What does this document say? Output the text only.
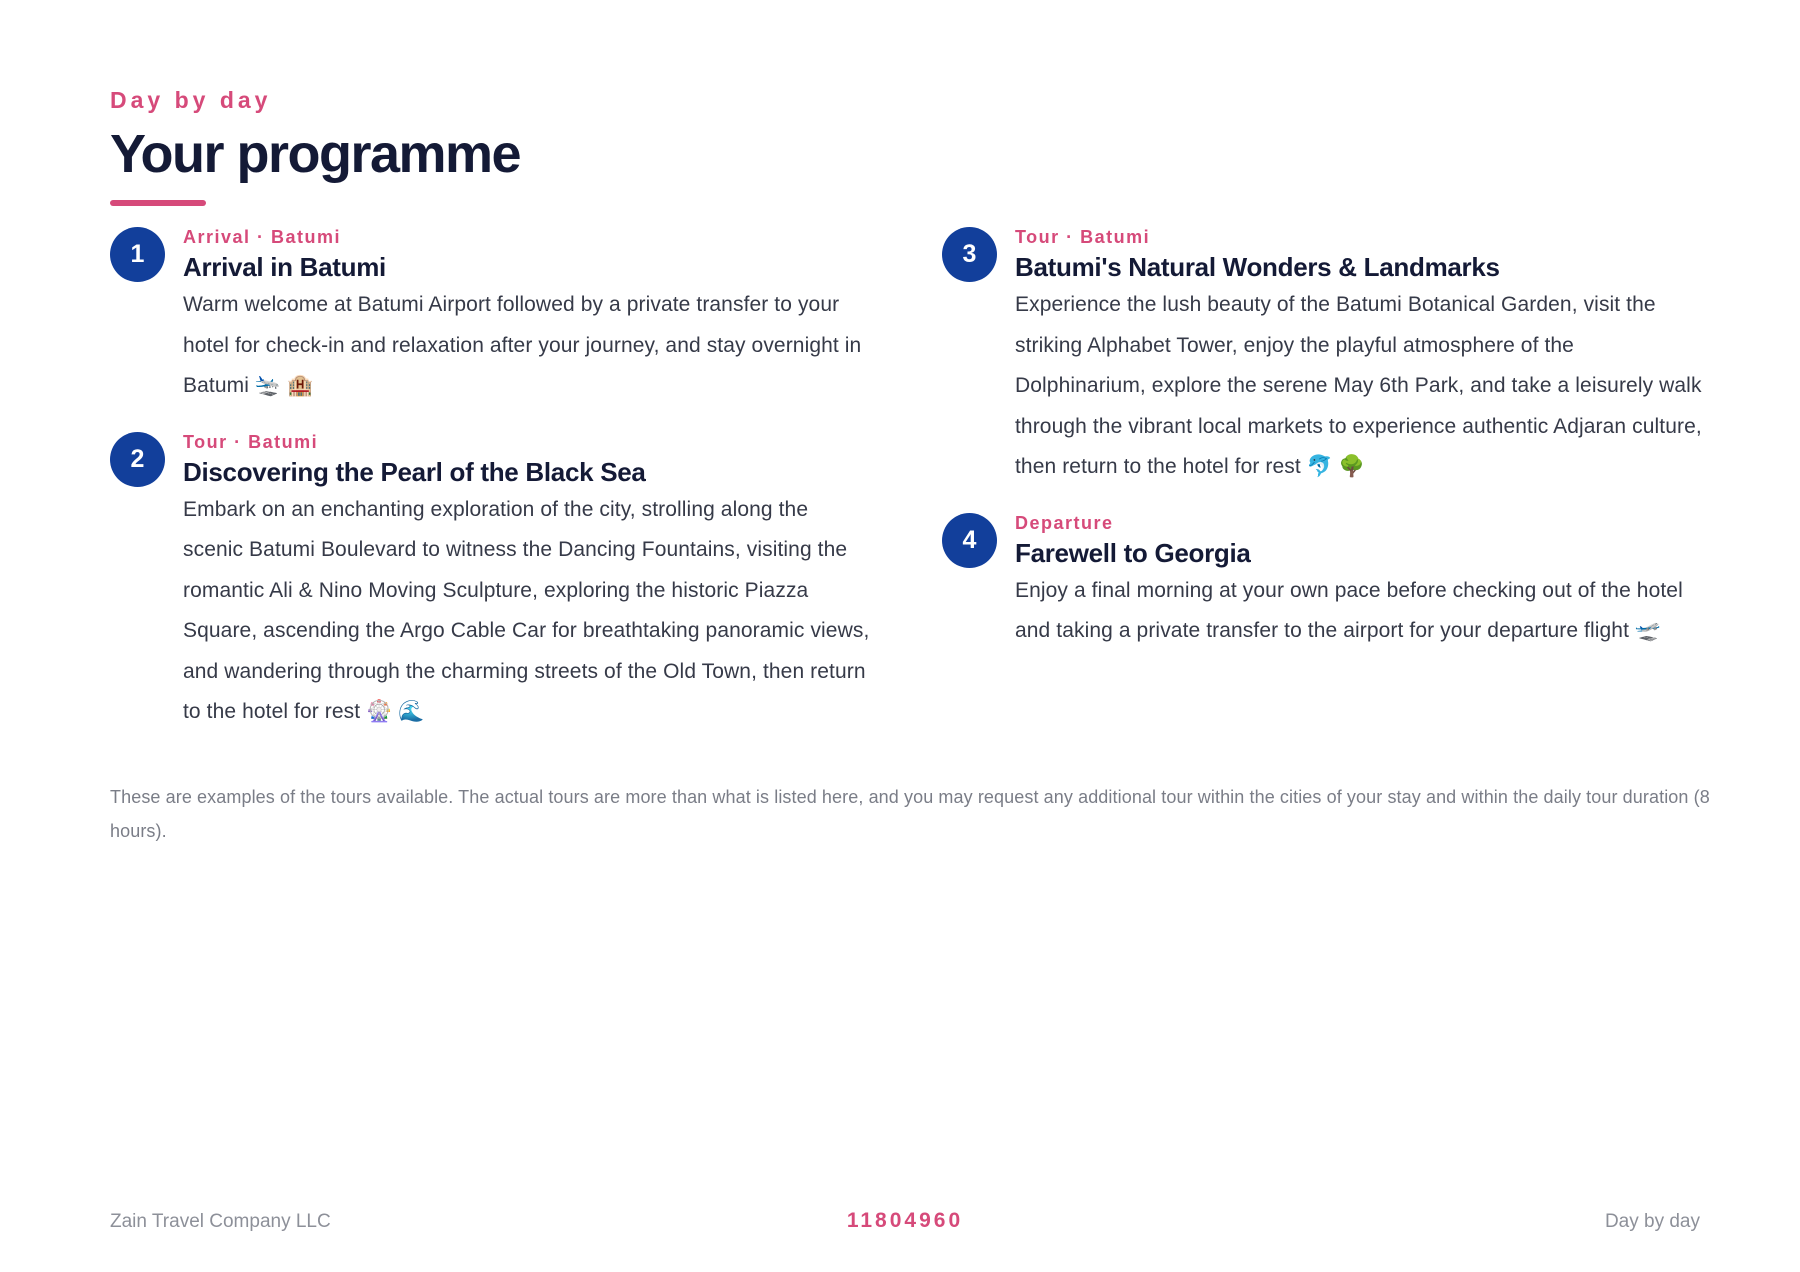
Day by day

Your programme
1

Arrival · Batumi

Arrival in Batumi

Warm welcome at Batumi Airport followed by a private transfer to your hotel for check-in and relaxation after your journey, and stay overnight in Batumi 🛬 🏨

2

Tour · Batumi

Discovering the Pearl of the Black Sea

Embark on an enchanting exploration of the city, strolling along the scenic Batumi Boulevard to witness the Dancing Fountains, visiting the romantic Ali & Nino Moving Sculpture, exploring the historic Piazza Square, ascending the Argo Cable Car for breathtaking panoramic views, and wandering through the charming streets of the Old Town, then return to the hotel for rest 🎡 🌊

3

Tour · Batumi

Batumi's Natural Wonders & Landmarks

Experience the lush beauty of the Batumi Botanical Garden, visit the striking Alphabet Tower, enjoy the playful atmosphere of the Dolphinarium, explore the serene May 6th Park, and take a leisurely walk through the vibrant local markets to experience authentic Adjaran culture, then return to the hotel for rest 🐬 🌳

4

Departure

Farewell to Georgia

Enjoy a final morning at your own pace before checking out of the hotel and taking a private transfer to the airport for your departure flight 🛫

These are examples of the tours available. The actual tours are more than what is listed here, and you may request any additional tour within the cities of your stay and within the daily tour duration (8 hours).

Zain Travel Company LLC	11804960	Day by day
